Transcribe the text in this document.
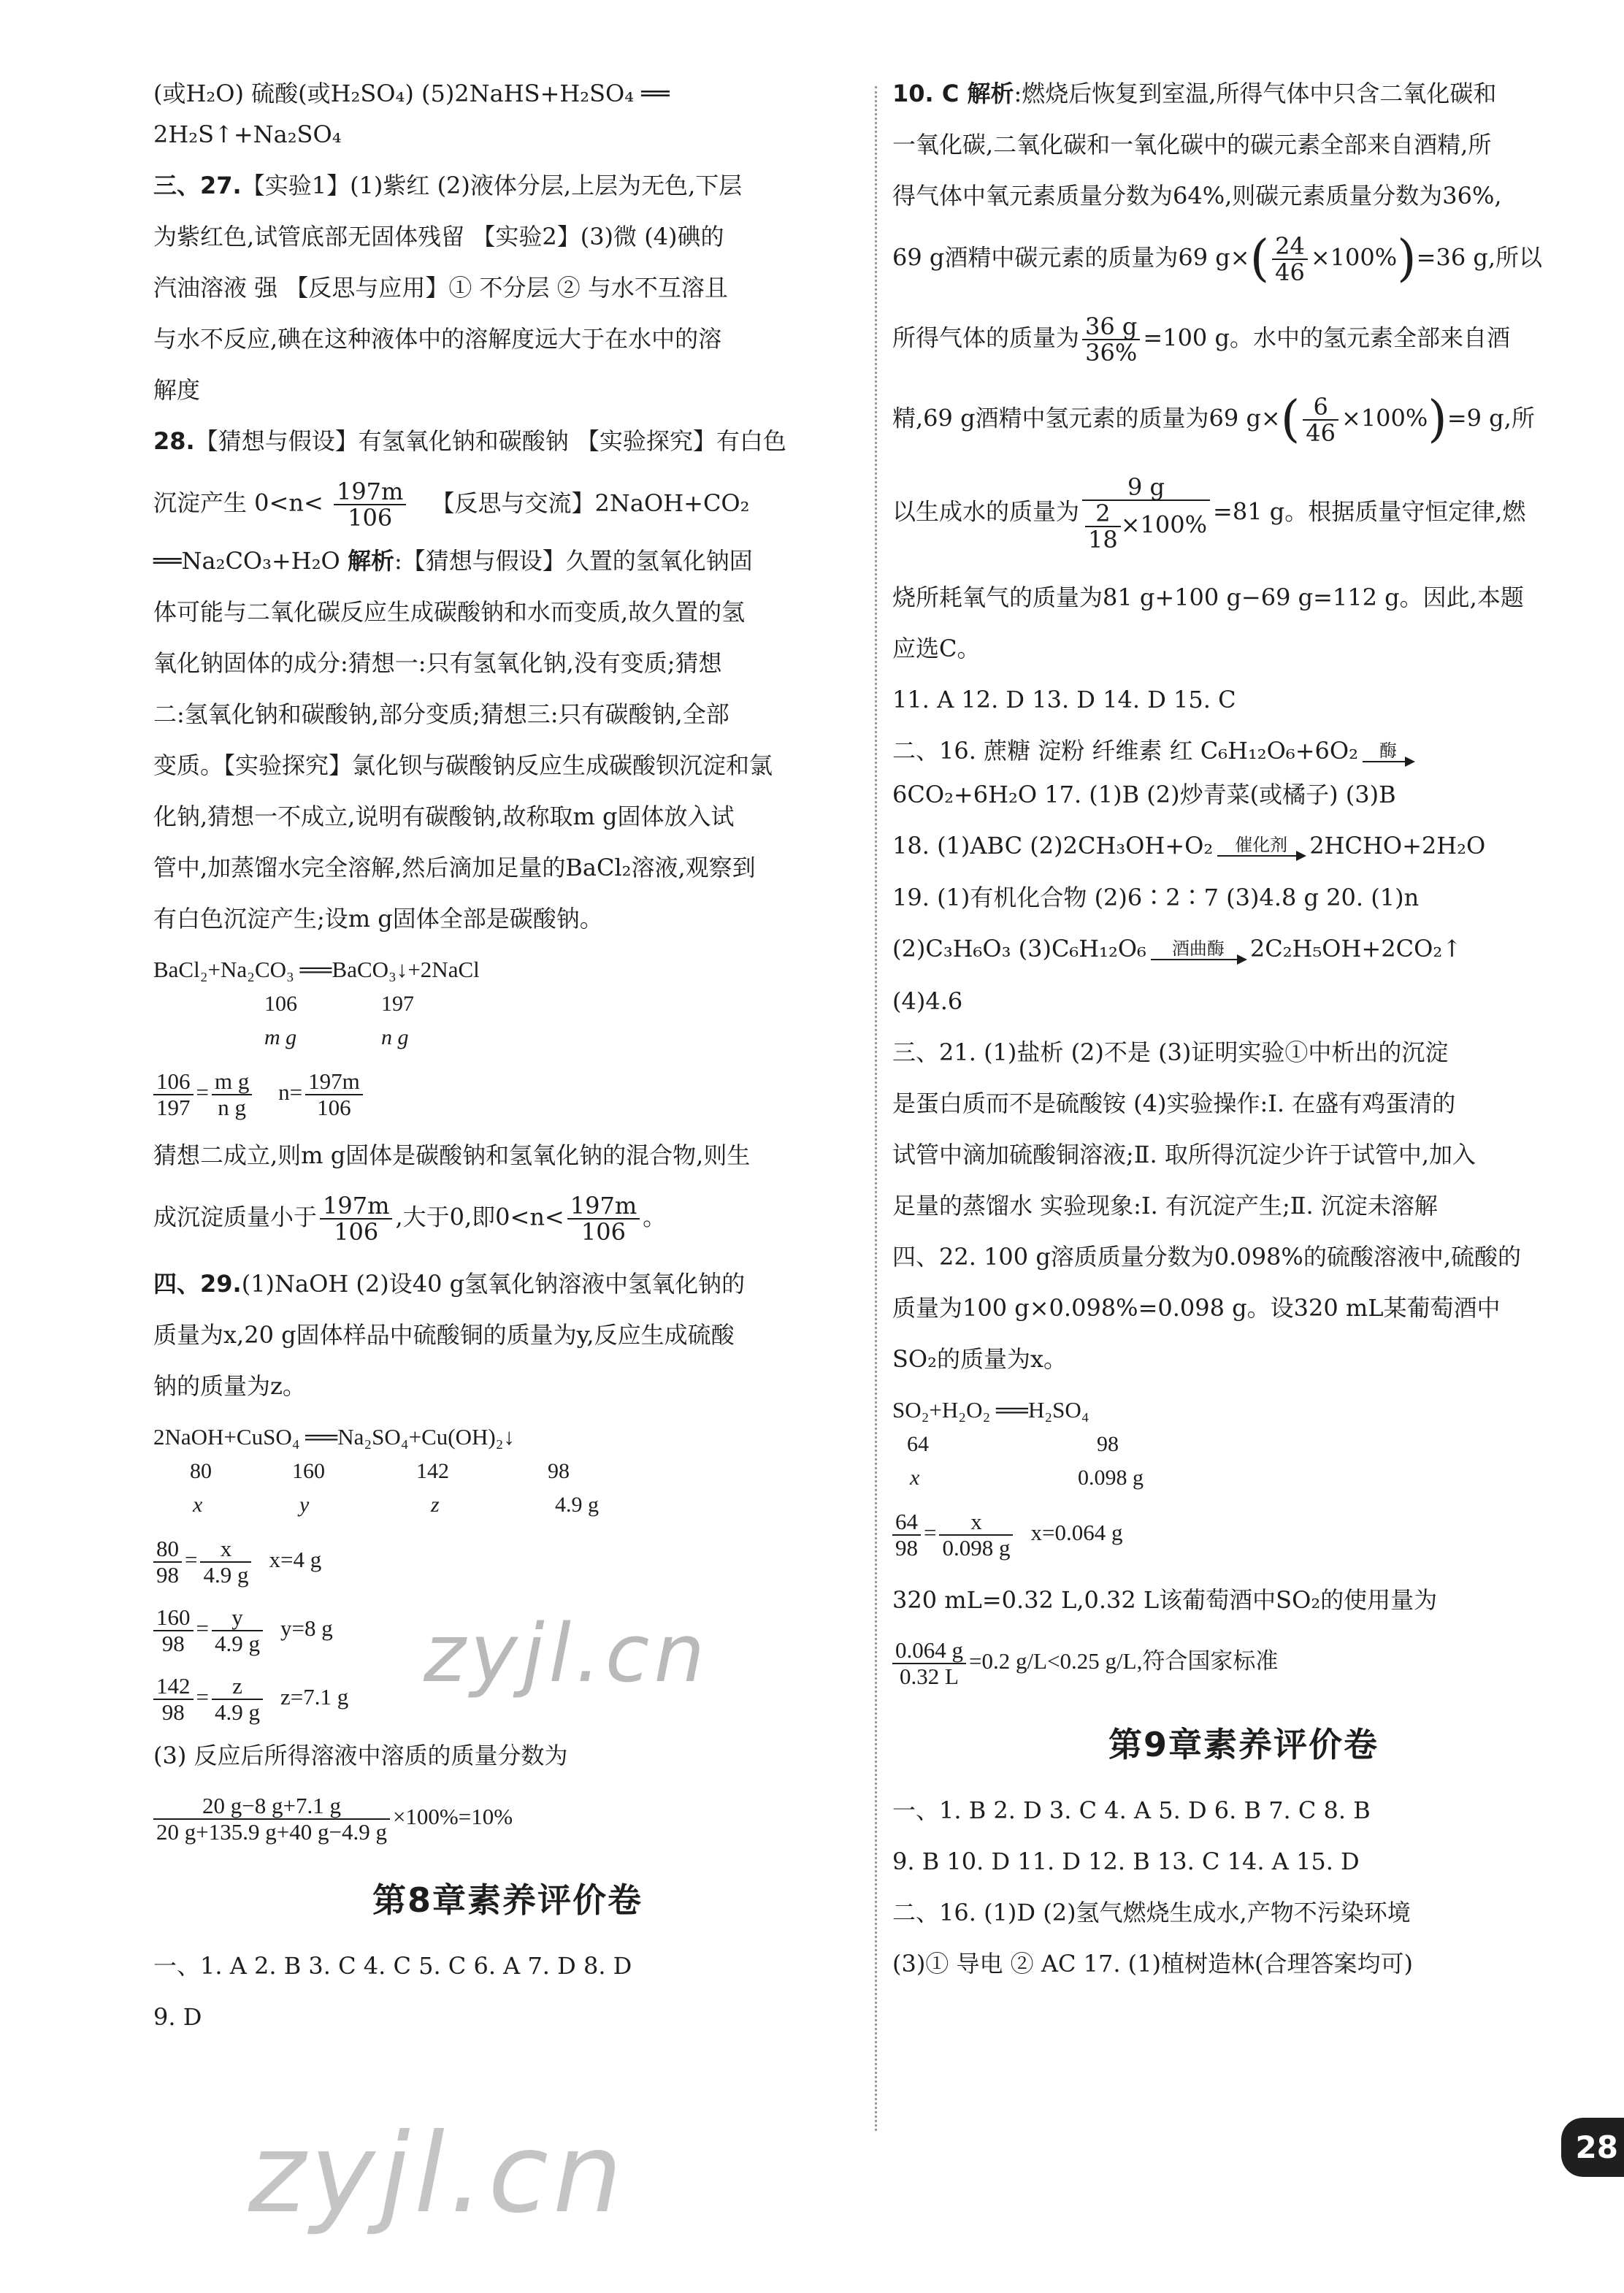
(或H₂O) 硫酸(或H₂SO₄) (5)2NaHS+H₂SO₄ ══
2H₂S↑+Na₂SO₄
三、27.【实验1】(1)紫红 (2)液体分层,上层为无色,下层
为紫红色,试管底部无固体残留 【实验2】(3)微 (4)碘的
汽油溶液 强 【反思与应用】① 不分层 ② 与水不互溶且
与水不反应,碘在这种液体中的溶解度远大于在水中的溶
解度
28.【猜想与假设】有氢氧化钠和碳酸钠 【实验探究】有白色
沉淀产生 $0<n< \frac{197m}{106}$ 【反思与交流】2NaOH+CO₂
══Na₂CO₃+H₂O 解析:【猜想与假设】久置的氢氧化钠固
体可能与二氧化碳反应生成碳酸钠和水而变质,故久置的氢
氧化钠固体的成分:猜想一:只有氢氧化钠,没有变质;猜想
二:氢氧化钠和碳酸钠,部分变质;猜想三:只有碳酸钠,全部
变质。【实验探究】氯化钡与碳酸钠反应生成碳酸钡沉淀和氯
化钠,猜想一不成立,说明有碳酸钠,故称取m g固体放入试
管中,加蒸馏水完全溶解,然后滴加足量的BaCl₂溶液,观察到
有白色沉淀产生;设m g固体全部是碳酸钠。
BaCl₂+Na₂CO₃ ══BaCO₃↓+2NaCl
106	197
m g	n g
$\frac{106}{197} = \frac{\text{m g}}{\text{n g}} n= \frac{197m}{106}$
猜想二成立,则m g固体是碳酸钠和氢氧化钠的混合物,则生
成沉淀质量小于 $\frac{197m}{106}$ ,大于0,即$0<n< \frac{197m}{106}$ 。
四、29.(1)NaOH (2)设40 g氢氧化钠溶液中氢氧化钠的
质量为x,20 g固体样品中硫酸铜的质量为y,反应生成硫酸
钠的质量为z。
2NaOH+CuSO₄ ══Na₂SO₄+Cu(OH)₂↓
80	160	142	98
x	y	z	4.9 g
$\frac{80}{98} = \frac{x}{4.9 g} x=4$ g
$\frac{160}{98} = \frac{y}{4.9 g} y=8$ g
$\frac{142}{98} = \frac{z}{4.9 g} z=7.1$ g
(3) 反应后所得溶液中溶质的质量分数为
$\frac{20 g-8 g+7.1 g}{20 g+135.9 g+40 g-4.9 g} \times 100\%=10\%$
第8章素养评价卷
一、1. A 2. B 3. C 4. C 5. C 6. A 7. D 8. D
9. D
10. C 解析:燃烧后恢复到室温,所得气体中只含二氧化碳和
一氧化碳,二氧化碳和一氧化碳中的碳元素全部来自酒精,所
得气体中氧元素质量分数为64%,则碳元素质量分数为36%,
69 g酒精中碳元素的质量为69 $g\times( \frac{24}{46} \times 100\%)=36$ g,所以
所得气体的质量为 $\frac{36 g}{36\%} =100$ g。水中的氢元素全部来自酒
精,69 g酒精中氢元素的质量为69 $g\times( \frac{6}{46} \times 100\%)=9$ g,所
以生成水的质量为 $\frac{9 g}{\frac{2}{18} \times 100\%} =81$ g。根据质量守恒定律,燃
烧所耗氧气的质量为81 g+100 g−69 g=112 g。因此,本题
应选C。
11. A 12. D 13. D 14. D 15. C
二、16. 蔗糖 淀粉 纤维素 红 C₆H₁₂O₆+6O₂	酶
6CO₂+6H₂O 17. (1)B (2)炒青菜(或橘子) (3)B
18. (1)ABC (2)2CH₃OH+O₂	催化剂 2HCHO+2H₂O
19. (1)有机化合物 (2)6∶2∶7 (3)4.8 g 20. (1)n
(2)C₃H₆O₃ (3)C₆H₁₂O₆	酒曲酶	2C₂H₅OH+2CO₂↑
(4)4.6
三、21. (1)盐析 (2)不是 (3)证明实验①中析出的沉淀
是蛋白质而不是硫酸铵 (4)实验操作:Ⅰ. 在盛有鸡蛋清的
试管中滴加硫酸铜溶液;Ⅱ. 取所得沉淀少许于试管中,加入
足量的蒸馏水 实验现象:Ⅰ. 有沉淀产生;Ⅱ. 沉淀未溶解
四、22. 100 g溶质质量分数为0.098%的硫酸溶液中,硫酸的
质量为100 g×0.098%=0.098 g。设320 mL某葡萄酒中
SO₂的质量为x。
SO₂+H₂O₂ ══H₂SO₄
64	98
x	0.098 g
$\frac{64}{98} = \frac{x}{0.098 g} x=0.064$ g
320 mL=0.32 L,0.32 L该葡萄酒中SO₂的使用量为
$\frac{0.064 g}{0.32 L} =0.2$ g/L<0.25 g/L,符合国家标准
第9章素养评价卷
一、1. B 2. D 3. C 4. A 5. D 6. B 7. C 8. B
9. B 10. D 11. D 12. B 13. C 14. A 15. D
二、16. (1)D (2)氢气燃烧生成水,产物不污染环境
(3)① 导电 ② AC 17. (1)植树造林(合理答案均可)
zyjl.cn
zyjl.cn	28
